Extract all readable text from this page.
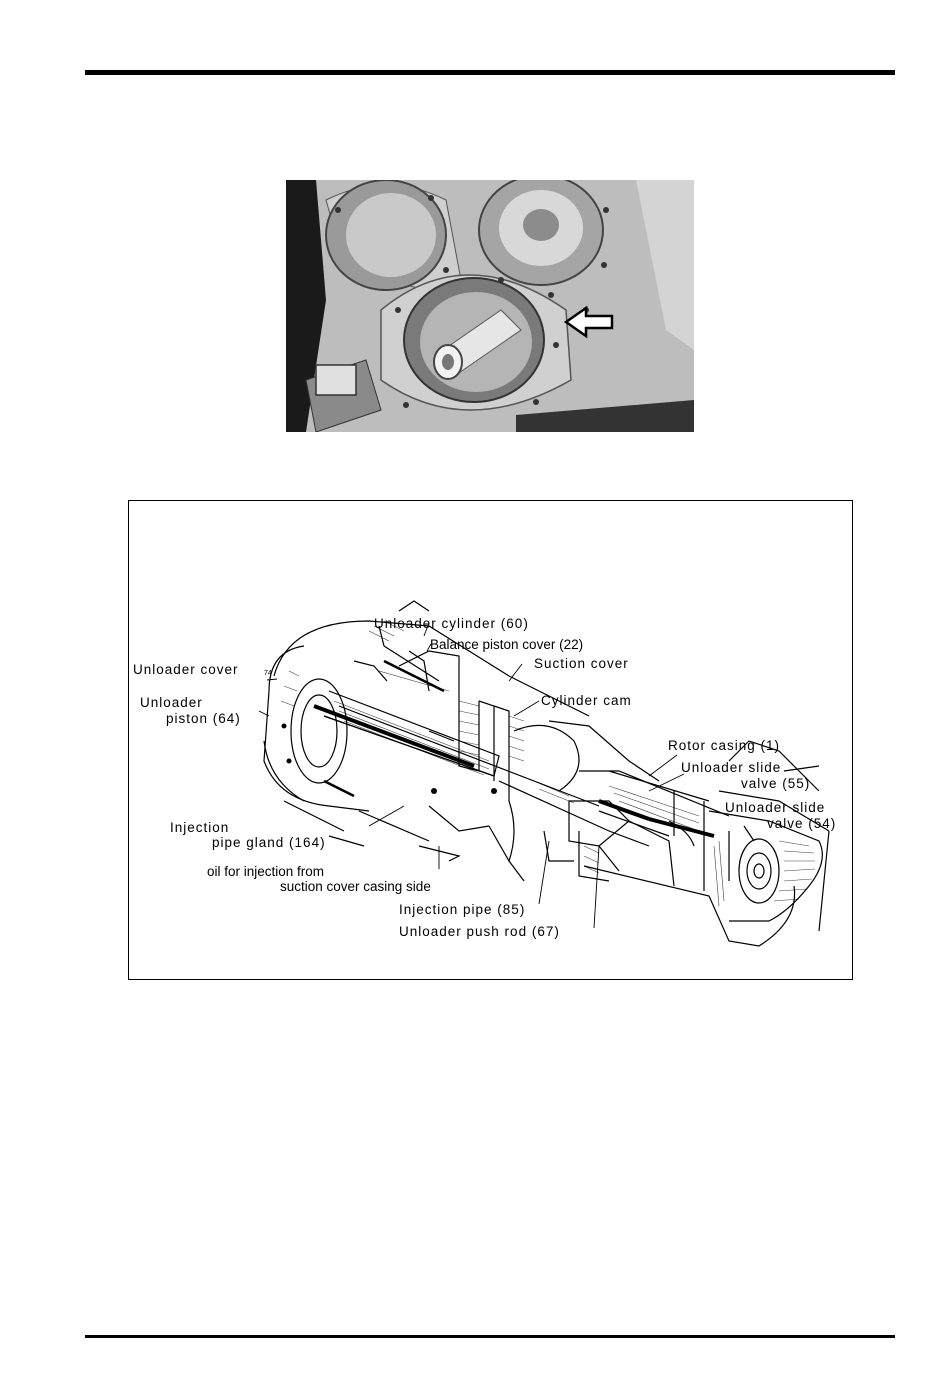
Unloader cylinder (60)
Balance piston cover (22)
Suction cover
Unloader cover	74
Unloader
piston (64)
Cylinder cam
Rotor casing (1)
Unloader slide
valve (55)
Unloader slide
valve (54)
Injection
pipe gland (164)
oil for injection from
suction cover casing side
Injection pipe (85)
Unloader push rod (67)
